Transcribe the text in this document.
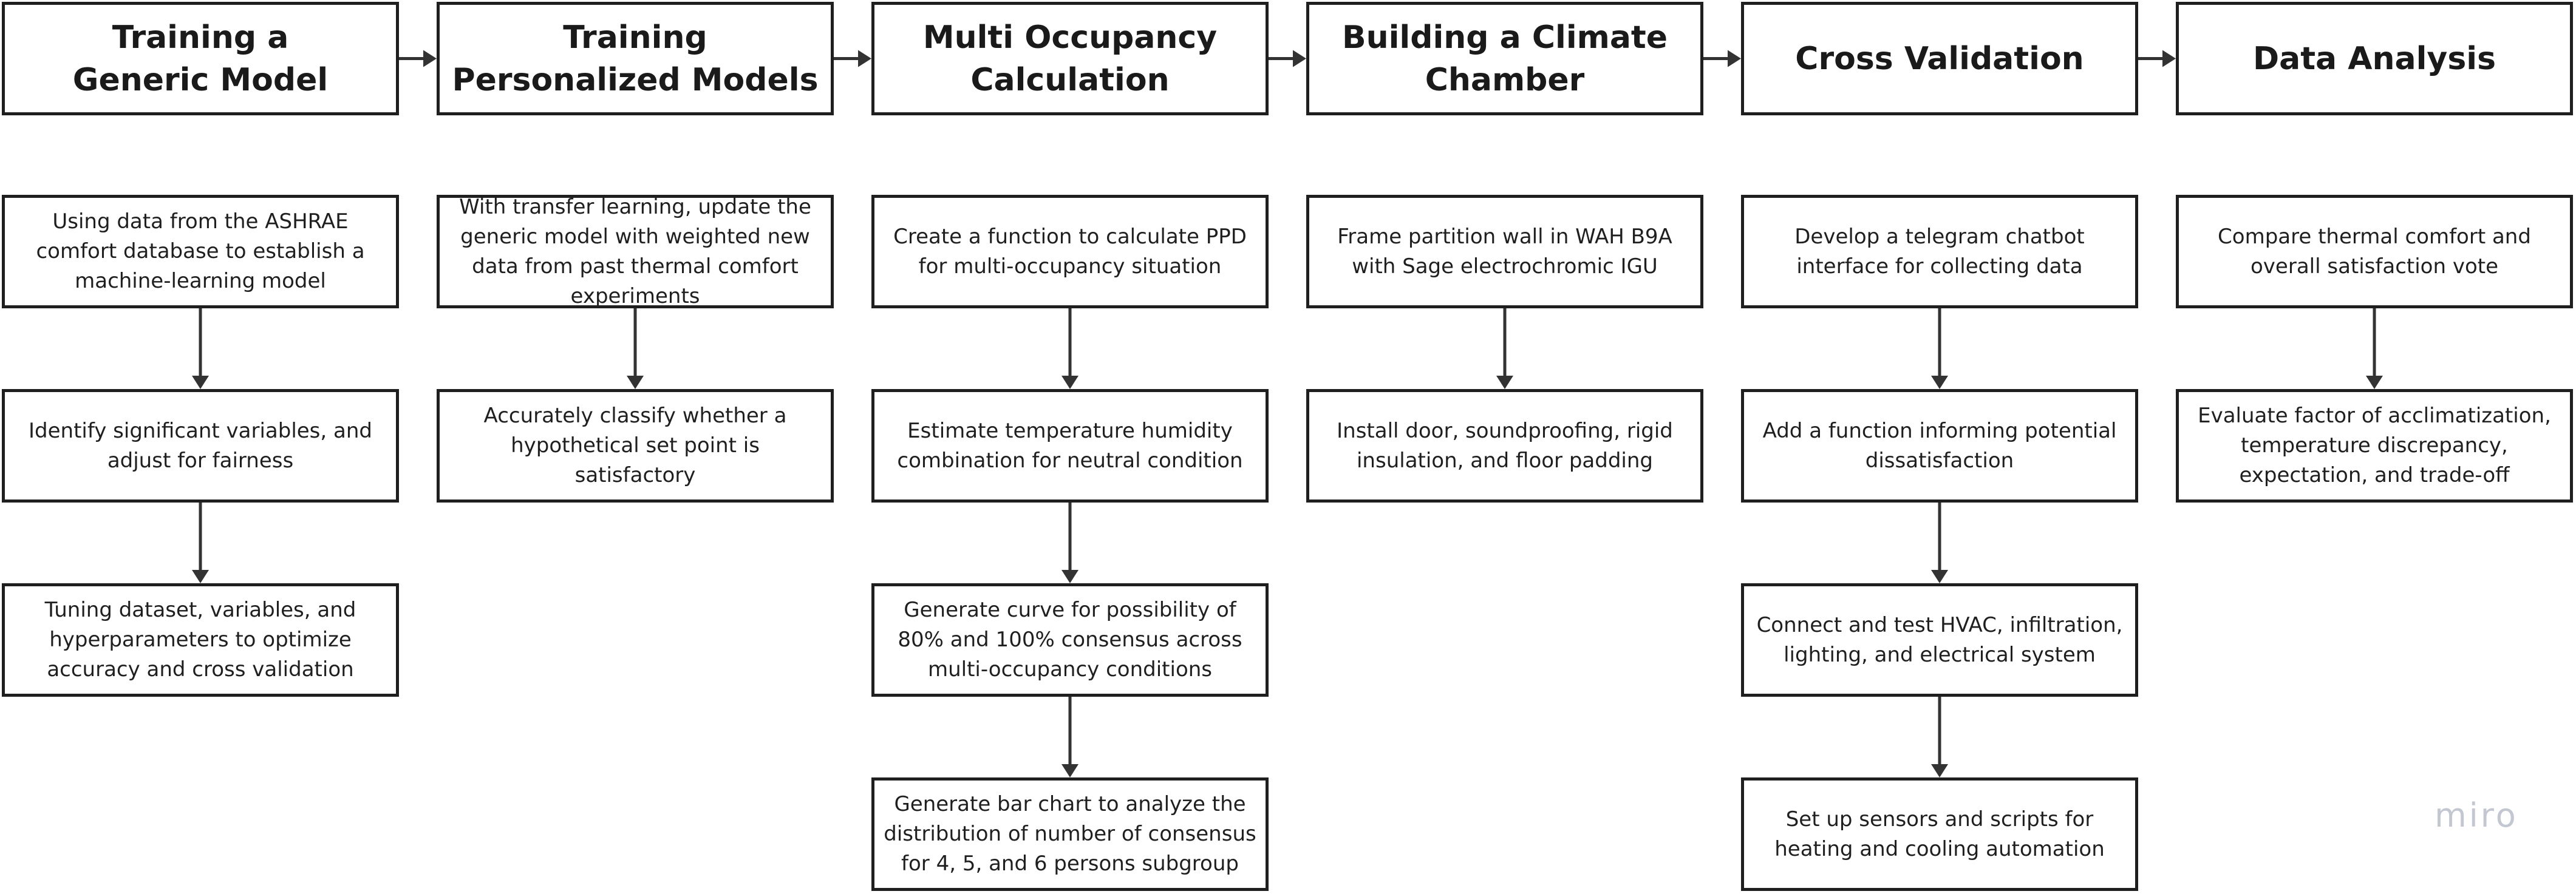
Training a
Generic Model
Using data from the ASHRAE comfort database to establish a machine-learning model
Identify significant variables, and adjust for fairness
Tuning dataset, variables, and hyperparameters to optimize accuracy and cross validation
Training
Personalized Models
With transfer learning, update the generic model with weighted new data from past thermal comfort experiments
Accurately classify whether a hypothetical set point is satisfactory
Multi Occupancy
Calculation
Create a function to calculate PPD for multi-occupancy situation
Estimate temperature humidity combination for neutral condition
Generate curve for possibility of 80% and 100% consensus across multi-occupancy conditions
Generate bar chart to analyze the distribution of number of consensus for 4, 5, and 6 persons subgroup
Building a Climate
Chamber
Frame partition wall in WAH B9A with Sage electrochromic IGU
Install door, soundproofing, rigid insulation, and floor padding
Cross Validation
Develop a telegram chatbot interface for collecting data
Add a function informing potential dissatisfaction
Connect and test HVAC, infiltration, lighting, and electrical system
Set up sensors and scripts for heating and cooling automation
Data Analysis
Compare thermal comfort and overall satisfaction vote
Evaluate factor of acclimatization, temperature discrepancy, expectation, and trade-off
miro
